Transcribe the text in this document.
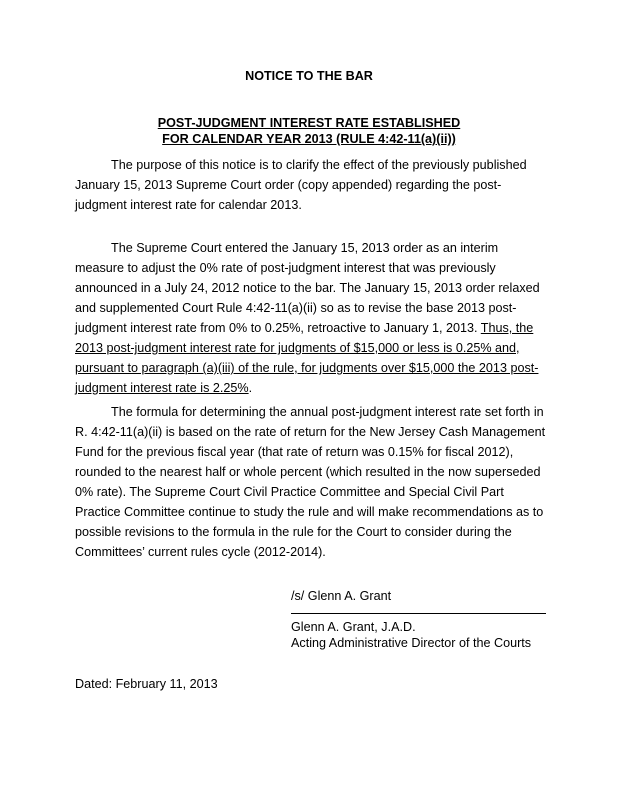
NOTICE TO THE BAR
POST-JUDGMENT INTEREST RATE ESTABLISHED
FOR CALENDAR YEAR 2013 (RULE 4:42-11(a)(ii))

The purpose of this notice is to clarify the effect of the previously published January 15, 2013 Supreme Court order (copy appended) regarding the post-judgment interest rate for calendar 2013.

The Supreme Court entered the January 15, 2013 order as an interim measure to adjust the 0% rate of post-judgment interest that was previously announced in a July 24, 2012 notice to the bar. The January 15, 2013 order relaxed and supplemented Court Rule 4:42-11(a)(ii) so as to revise the base 2013 post-judgment interest rate from 0% to 0.25%, retroactive to January 1, 2013. Thus, the 2013 post-judgment interest rate for judgments of $15,000 or less is 0.25% and, pursuant to paragraph (a)(iii) of the rule, for judgments over $15,000 the 2013 post-judgment interest rate is 2.25%.

The formula for determining the annual post-judgment interest rate set forth in R. 4:42-11(a)(ii) is based on the rate of return for the New Jersey Cash Management Fund for the previous fiscal year (that rate of return was 0.15% for fiscal 2012), rounded to the nearest half or whole percent (which resulted in the now superseded 0% rate). The Supreme Court Civil Practice Committee and Special Civil Part Practice Committee continue to study the rule and will make recommendations as to possible revisions to the formula in the rule for the Court to consider during the Committees’ current rules cycle (2012-2014).

/s/ Glenn A. Grant
Glenn A. Grant, J.A.D.
Acting Administrative Director of the Courts
Dated: February 11, 2013
